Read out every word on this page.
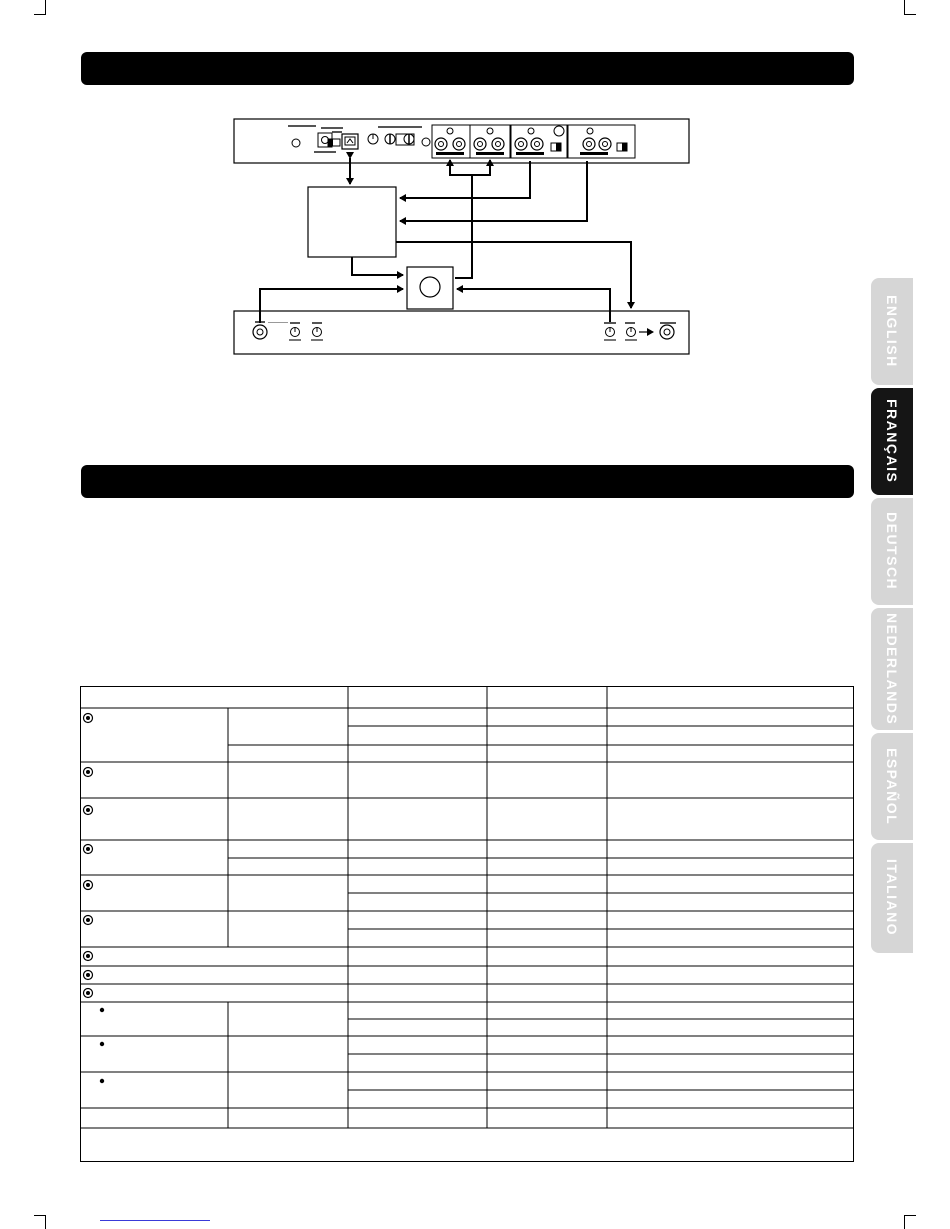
ENGLISH
FRANÇAIS
DEUTSCH
NEDERLANDS
ESPAÑOL
ITALIANO
